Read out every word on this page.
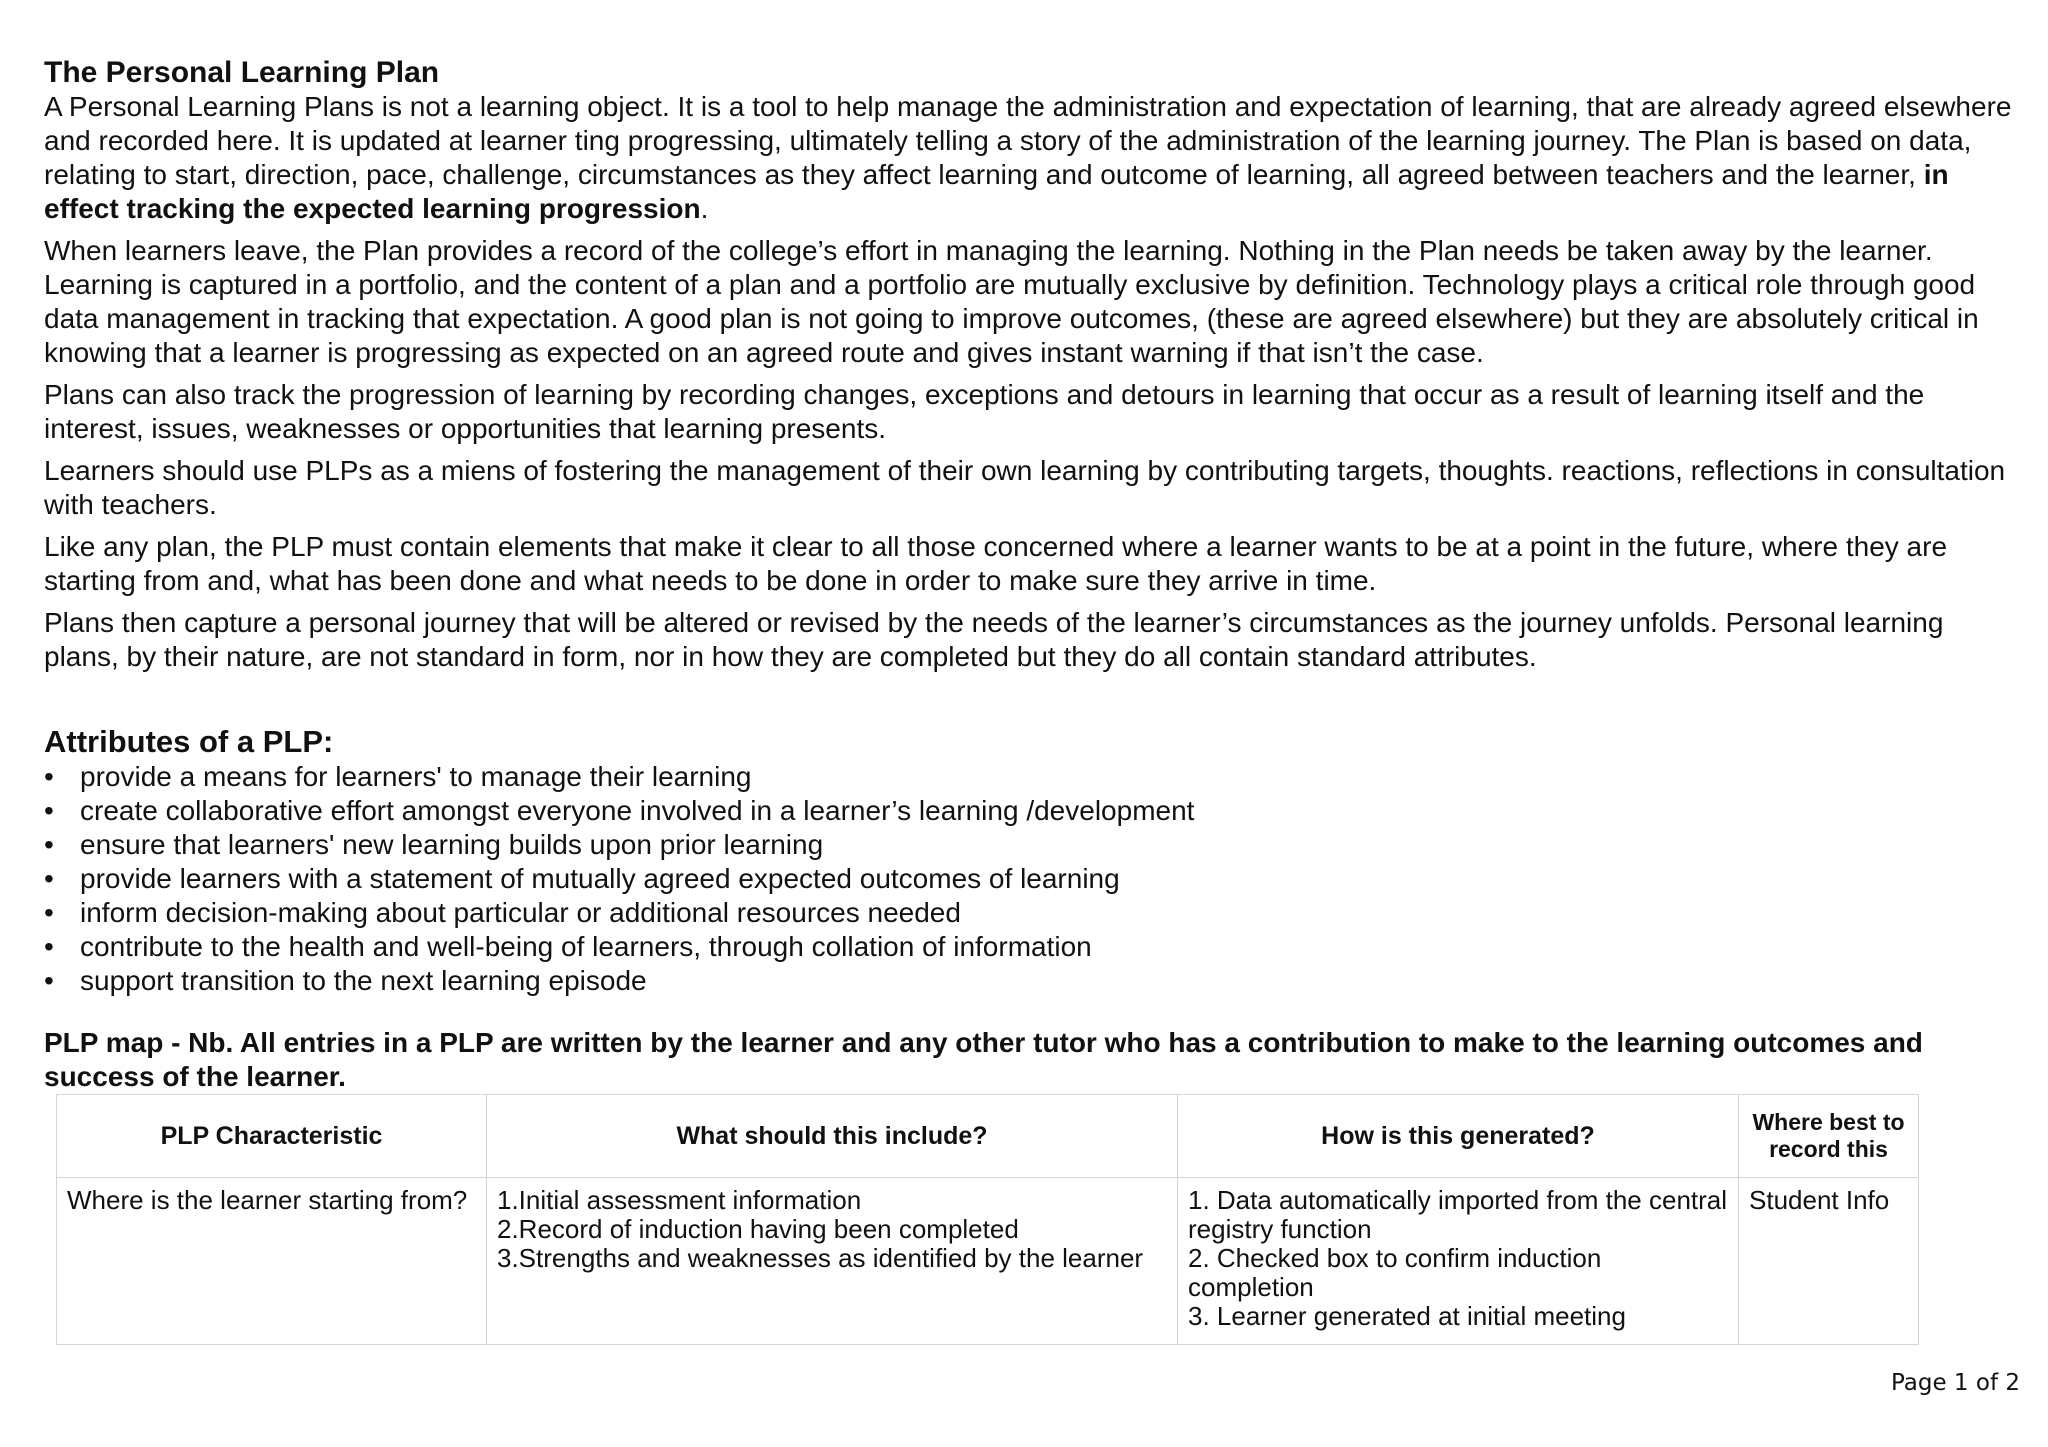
The Personal Learning Plan

A Personal Learning Plans is not a learning object. It is a tool to help manage the administration and expectation of learning, that are already agreed elsewhere and recorded here. It is updated at learner ting progressing, ultimately telling a story of the administration of the learning journey. The Plan is based on data, relating to start, direction, pace, challenge, circumstances as they affect learning and outcome of learning, all agreed between teachers and the learner, in effect tracking the expected learning progression.

When learners leave, the Plan provides a record of the college’s effort in managing the learning. Nothing in the Plan needs be taken away by the learner. Learning is captured in a portfolio, and the content of a plan and a portfolio are mutually exclusive by definition. Technology plays a critical role through good data management in tracking that expectation. A good plan is not going to improve outcomes, (these are agreed elsewhere) but they are absolutely critical in knowing that a learner is progressing as expected on an agreed route and gives instant warning if that isn’t the case.

Plans can also track the progression of learning by recording changes, exceptions and detours in learning that occur as a result of learning itself and the interest, issues, weaknesses or opportunities that learning presents.

Learners should use PLPs as a miens of fostering the management of their own learning by contributing targets, thoughts. reactions, reflections in consultation with teachers.

Like any plan, the PLP must contain elements that make it clear to all those concerned where a learner wants to be at a point in the future, where they are starting from and, what has been done and what needs to be done in order to make sure they arrive in time.

Plans then capture a personal journey that will be altered or revised by the needs of the learner’s circumstances as the journey unfolds. Personal learning plans, by their nature, are not standard in form, nor in how they are completed but they do all contain standard attributes.

Attributes of a PLP:
• provide a means for learners' to manage their learning
• create collaborative effort amongst everyone involved in a learner’s learning /development
• ensure that learners' new learning builds upon prior learning
• provide learners with a statement of mutually agreed expected outcomes of learning
• inform decision-making about particular or additional resources needed
• contribute to the health and well-being of learners, through collation of information
• support transition to the next learning episode

PLP map - Nb. All entries in a PLP are written by the learner and any other tutor who has a contribution to make to the learning outcomes and success of the learner.

PLP Characteristic	What should this include?	How is this generated?	Where best to record this
Where is the learner starting from?	1.Initial assessment information
2.Record of induction having been completed
3.Strengths and weaknesses as identified by the learner	1. Data automatically imported from the central registry function
2. Checked box to confirm induction completion
3. Learner generated at initial meeting	Student Info
Page 1 of 2
